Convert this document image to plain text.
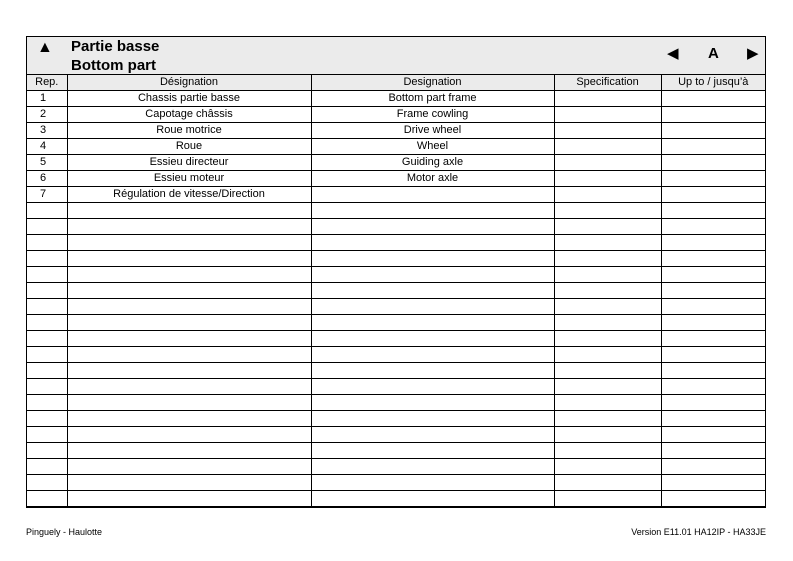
▲ Partie basse
Bottom part
◀ A ▶
Rep.	Désignation	Designation	Specification	Up to / jusqu’à
1	Chassis partie basse	Bottom part frame		
2	Capotage châssis	Frame cowling		
3	Roue motrice	Drive wheel		
4	Roue	Wheel		
5	Essieu directeur	Guiding axle		
6	Essieu moteur	Motor axle		
7	Régulation de vitesse/Direction			

Pinguely - Haulotte	Version E11.01 HA12IP - HA33JE
